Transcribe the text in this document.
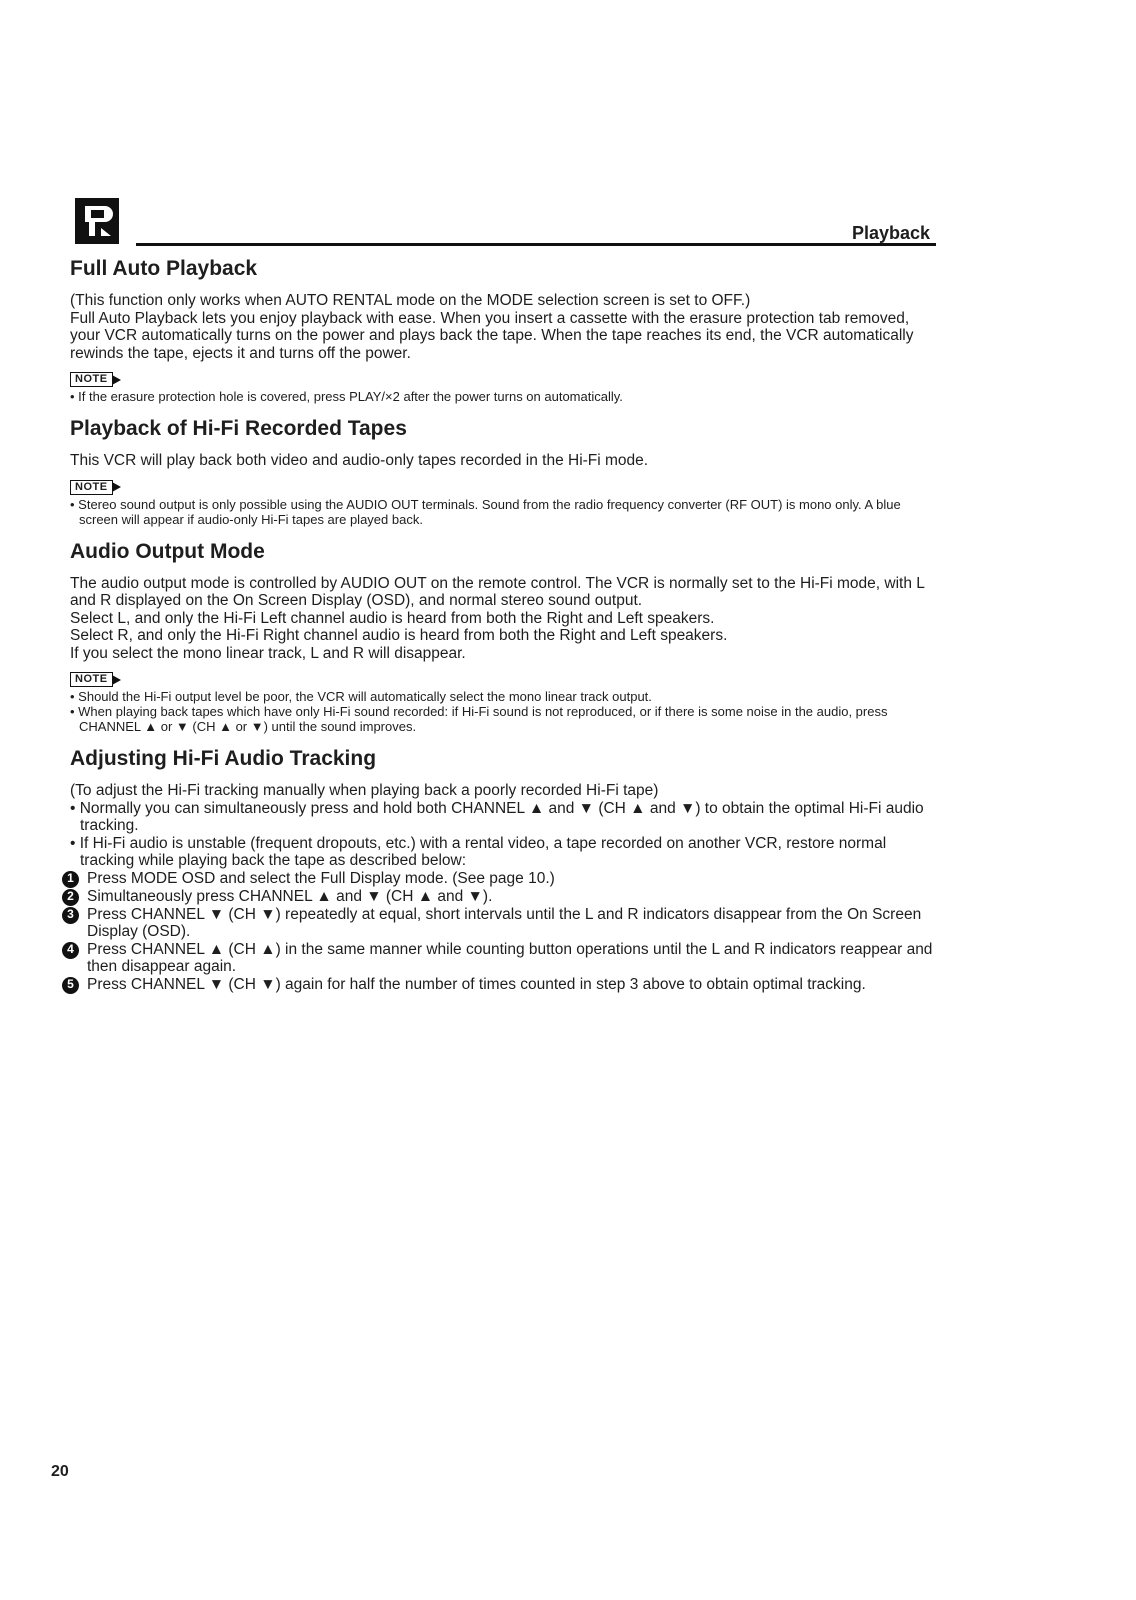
Playback
Full Auto Playback

(This function only works when AUTO RENTAL mode on the MODE selection screen is set to OFF.)

Full Auto Playback lets you enjoy playback with ease. When you insert a cassette with the erasure protection tab removed, your VCR automatically turns on the power and plays back the tape. When the tape reaches its end, the VCR automatically rewinds the tape, ejects it and turns off the power.

NOTE
• If the erasure protection hole is covered, press PLAY/×2 after the power turns on automatically.
Playback of Hi-Fi Recorded Tapes

This VCR will play back both video and audio-only tapes recorded in the Hi-Fi mode.

NOTE
• Stereo sound output is only possible using the AUDIO OUT terminals. Sound from the radio frequency converter (RF OUT) is mono only. A blue screen will appear if audio-only Hi-Fi tapes are played back.
Audio Output Mode

The audio output mode is controlled by AUDIO OUT on the remote control. The VCR is normally set to the Hi-Fi mode, with L and R displayed on the On Screen Display (OSD), and normal stereo sound output.

Select L, and only the Hi-Fi Left channel audio is heard from both the Right and Left speakers.

Select R, and only the Hi-Fi Right channel audio is heard from both the Right and Left speakers.

If you select the mono linear track, L and R will disappear.

NOTE
• Should the Hi-Fi output level be poor, the VCR will automatically select the mono linear track output.
• When playing back tapes which have only Hi-Fi sound recorded: if Hi-Fi sound is not reproduced, or if there is some noise in the audio, press CHANNEL ▲ or ▼ (CH ▲ or ▼) until the sound improves.
Adjusting Hi-Fi Audio Tracking

(To adjust the Hi-Fi tracking manually when playing back a poorly recorded Hi-Fi tape)

• Normally you can simultaneously press and hold both CHANNEL ▲ and ▼ (CH ▲ and ▼) to obtain the optimal Hi-Fi audio tracking.
• If Hi-Fi audio is unstable (frequent dropouts, etc.) with a rental video, a tape recorded on another VCR, restore normal tracking while playing back the tape as described below:
1 Press MODE OSD and select the Full Display mode. (See page 10.)
2 Simultaneously press CHANNEL ▲ and ▼ (CH ▲ and ▼).
3 Press CHANNEL ▼ (CH ▼) repeatedly at equal, short intervals until the L and R indicators disappear from the On Screen Display (OSD).
4 Press CHANNEL ▲ (CH ▲) in the same manner while counting button operations until the L and R indicators reappear and then disappear again.
5 Press CHANNEL ▼ (CH ▼) again for half the number of times counted in step 3 above to obtain optimal tracking.
20
